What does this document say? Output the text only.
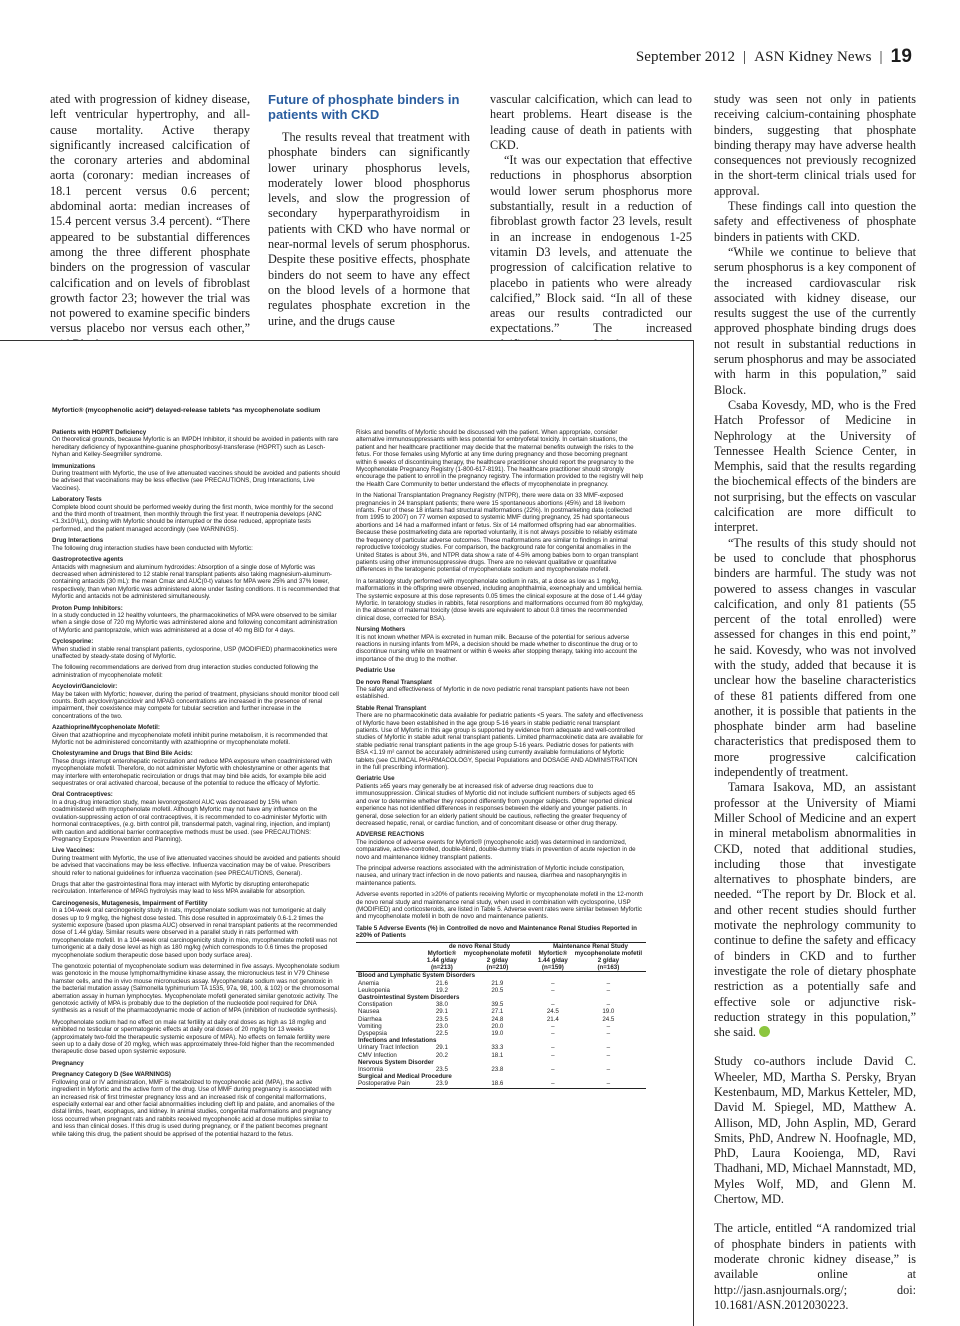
September 2012 | ASN Kidney News | 19

ated with progression of kidney disease, left ventricular hypertrophy, and all-cause mortality. Active therapy significantly increased calcification of the coronary arteries and abdominal aorta (coronary: median increases of 18.1 percent versus 0.6 percent; abdominal aorta: median increases of 15.4 percent versus 3.4 percent). “There appeared to be substantial differences among the three different phosphate binders on the progression of vascular calcification and on levels of fibroblast growth factor 23; however the trial was not powered to examine specific binders versus placebo nor versus each other,”

Future of phosphate binders in patients with CKD

The results reveal that treatment with phosphate binders can significantly lower urinary phosphorus levels, moderately lower blood phosphorus levels, and slow the progression of secondary hyperparathyroidism in patients with CKD who have normal or near-normal levels of serum phosphorus. Despite these positive effects, phosphate binders do not seem to have any effect on the blood levels of a hormone that regulates phosphate excretion in the urine, and the drugs cause

vascular calcification, which can lead to heart problems. Heart disease is the leading cause of death in patients with CKD.

“It was our expectation that effective reductions in phosphorus absorption would lower serum phosphorus more substantially, result in a reduction of fibroblast growth factor 23 levels, result in an increase in endogenous 1-25 vitamin D3 levels, and attenuate the progression of calcification relative to placebo in patients who were already calcified,” Block said. “In all of these areas our results contradicted our expectations.” The increased

study was seen not only in patients receiving calcium-containing phosphate binders, suggesting that phosphate binding therapy may have adverse health consequences not previously recognized in the short-term clinical trials used for approval.

These findings call into question the safety and effectiveness of phosphate binders in patients with CKD.

“While we continue to believe that serum phosphorus is a key component of the increased cardiovascular risk associated with kidney disease, our results suggest the use of the currently approved phosphate binding drugs does not result in substantial reductions in serum phosphorus and may be associated with harm in this population,” said Block.

Csaba Kovesdy, MD, who is the Fred Hatch Professor of Medicine in Nephrology at the University of Tennessee Health Science Center, in Memphis, said that the results regarding the biochemical effects of the binders are not surprising, but the effects on vascular calcification are more difficult to interpret.

“The results of this study should not be used to conclude that phosphorus binders are harmful. The study was not powered to assess changes in vascular calcification, and only 81 patients (55 percent of the total enrolled) were assessed for changes in this end point,” he said. Kovesdy, who was not involved with the study, added that because it is unclear how the baseline characteristics of these 81 patients differed from one another, it is possible that patients in the phosphate binder arm had baseline characteristics that predisposed them to more progressive calcification independently of treatment.

Tamara Isakova, MD, an assistant professor at the University of Miami Miller School of Medicine and an expert in mineral metabolism abnormalities in CKD, noted that additional studies, including those that investigate alternatives to phosphate binders, are needed. “The report by Dr. Block et al. and other recent studies should further motivate the nephrology community to continue to define the safety and efficacy of binders in CKD and to further investigate the role of dietary phosphate restriction as a potentially safe and effective sole or adjunctive risk-reduction strategy in this population,” she said.

Study co-authors include David C. Wheeler, MD, Martha S. Persky, Bryan Kestenbaum, MD, Markus Ketteler, MD, David M. Spiegel, MD, Matthew A. Allison, MD, John Asplin, MD, Gerard Smits, PhD, Andrew N. Hoofnagle, MD, PhD, Laura Kooienga, MD, Ravi Thadhani, MD, Michael Mannstadt, MD, Myles Wolf, MD, and Glenn M. Chertow, MD.

The article, entitled “A randomized trial of phosphate binders in patients with moderate chronic kidney disease,” is available online at http://jasn.asnjournals.org/; doi: 10.1681/ASN.2012030223.

Myfortic® (mycophenolic acid*) delayed-release tablets *as mycophenolate sodium

Patients with HGPRT Deficiency
On theoretical grounds, because Myfortic is an IMPDH Inhibitor, it should be avoided in patients with rare hereditary deficiency of hypoxanthine-guanine phosphoribosyl-transferase (HGPRT) such as Lesch-Nyhan and Kelley-Seegmiller syndrome.

Immunizations
During treatment with Myfortic, the use of live attenuated vaccines should be avoided and patients should be advised that vaccinations may be less effective (see PRECAUTIONS, Drug Interactions, Live Vaccines).

Laboratory Tests
Complete blood count should be performed weekly during the first month, twice monthly for the second and the third month of treatment, then monthly through the first year. If neutropenia develops (ANC <1.3x10³/µL), dosing with Myfortic should be interrupted or the dose reduced, appropriate tests performed, and the patient managed accordingly (see WARNINGS).

Drug Interactions
The following drug interaction studies have been conducted with Myfortic:

Gastroprotective agents
Antacids with magnesium and aluminum hydroxides: Absorption of a single dose of Myfortic was decreased when administered to 12 stable renal transplant patients also taking magnesium-aluminum-containing antacids (30 mL): the mean Cmax and AUC(0-t) values for MPA were 25% and 37% lower, respectively, than when Myfortic was administered alone under fasting conditions. It is recommended that Myfortic and antacids not be administered simultaneously.

Proton Pump Inhibitors:
In a study conducted in 12 healthy volunteers, the pharmacokinetics of MPA were observed to be similar when a single dose of 720 mg Myfortic was administered alone and following concomitant administration of Myfortic and pantoprazole, which was administered at a dose of 40 mg BID for 4 days.

Cyclosporine:
When studied in stable renal transplant patients, cyclosporine, USP (MODIFIED) pharmacokinetics were unaffected by steady-state dosing of Myfortic.

The following recommendations are derived from drug interaction studies conducted following the administration of mycophenolate mofetil:

Acyclovir/Ganciclovir:
May be taken with Myfortic; however, during the period of treatment, physicians should monitor blood cell counts. Both acyclovir/ganciclovir and MPAG concentrations are increased in the presence of renal impairment, their coexistence may compete for tubular secretion and further increase in the concentrations of the two.

Azathioprine/Mycophenolate Mofetil:
Given that azathioprine and mycophenolate mofetil inhibit purine metabolism, it is recommended that Myfortic not be administered concomitantly with azathioprine or mycophenolate mofetil.

Cholestyramine and Drugs that Bind Bile Acids:
These drugs interrupt enterohepatic recirculation and reduce MPA exposure when coadministered with mycophenolate mofetil. Therefore, do not administer Myfortic with cholestyramine or other agents that may interfere with enterohepatic recirculation or drugs that may bind bile acids, for example bile acid sequestrates or oral activated charcoal, because of the potential to reduce the efficacy of Myfortic.

Oral Contraceptives:
In a drug-drug interaction study, mean levonorgesterol AUC was decreased by 15% when coadministered with mycophenolate mofetil. Although Myfortic may not have any influence on the ovulation-suppressing action of oral contraceptives, it is recommended to co-administer Myfortic with hormonal contraceptives, (e.g. birth control pill, transdermal patch, vaginal ring, injection, and implant) with caution and additional barrier contraceptive methods must be used. (see PRECAUTIONS: Pregnancy Exposure Prevention and Planning).

Live Vaccines:
During treatment with Myfortic, the use of live attenuated vaccines should be avoided and patients should be advised that vaccinations may be less effective. Influenza vaccination may be of value. Prescribers should refer to national guidelines for influenza vaccination (see PRECAUTIONS, General).

Drugs that alter the gastrointestinal flora may interact with Myfortic by disrupting enterohepatic recirculation. Interference of MPAG hydrolysis may lead to less MPA available for absorption.

Carcinogenesis, Mutagenesis, Impairment of Fertility
In a 104-week oral carcinogenicity study in rats, mycophenolate sodium was not tumorigenic at daily doses up to 9 mg/kg, the highest dose tested. This dose resulted in approximately 0.6-1.2 times the systemic exposure (based upon plasma AUC) observed in renal transplant patients at the recommended dose of 1.44 g/day. Similar results were observed in a parallel study in rats performed with mycophenolate mofetil. In a 104-week oral carcinogenicity study in mice, mycophenolate mofetil was not tumorigenic at a daily dose level as high as 180 mg/kg (which corresponds to 0.6 times the proposed mycophenolate sodium therapeutic dose based upon body surface area).

The genotoxic potential of mycophenolate sodium was determined in five assays. Mycophenolate sodium was genotoxic in the mouse lymphoma/thymidine kinase assay, the micronucleus test in V79 Chinese hamster cells, and the in vivo mouse micronucleus assay. Mycophenolate sodium was not genotoxic in the bacterial mutation assay (Salmonella typhimurium TA 1535, 97a, 98, 100, & 102) or the chromosomal aberration assay in human lymphocytes. Mycophenolate mofetil generated similar genotoxic activity. The genotoxic activity of MPA is probably due to the depletion of the nucleotide pool required for DNA synthesis as a result of the pharmacodynamic mode of action of MPA (inhibition of nucleotide synthesis).

Mycophenolate sodium had no effect on male rat fertility at daily oral doses as high as 18 mg/kg and exhibited no testicular or spermatogenic effects at daily oral doses of 20 mg/kg for 13 weeks (approximately two-fold the therapeutic systemic exposure of MPA). No effects on female fertility were seen up to a daily dose of 20 mg/kg, which was approximately three-fold higher than the recommended therapeutic dose based upon systemic exposure.

Pregnancy

Pregnancy Category D (See WARNINGS)
Following oral or IV administration, MMF is metabolized to mycophenolic acid (MPA), the active ingredient in Myfortic and the active form of the drug. Use of MMF during pregnancy is associated with an increased risk of first trimester pregnancy loss and an increased risk of congenital malformations, especially external ear and other facial abnormalities including cleft lip and palate, and anomalies of the distal limbs, heart, esophagus, and kidney. In animal studies, congenital malformations and pregnancy loss occurred when pregnant rats and rabbits received mycophenolic acid at dose multiples similar to and less than clinical doses. If this drug is used during pregnancy, or if the patient becomes pregnant while taking this drug, the patient should be apprised of the potential hazard to the fetus.

Risks and benefits of Myfortic should be discussed with the patient. When appropriate, consider alternative immunosuppressants with less potential for embryofetal toxicity. In certain situations, the patient and her healthcare practitioner may decide that the maternal benefits outweigh the risks to the fetus. For those females using Myfortic at any time during pregnancy and those becoming pregnant within 6 weeks of discontinuing therapy, the healthcare practitioner should report the pregnancy to the Mycophenolate Pregnancy Registry (1-800-617-8191). The healthcare practitioner should strongly encourage the patient to enroll in the pregnancy registry. The information provided to the registry will help the Health Care Community to better understand the effects of mycophenolate in pregnancy.

In the National Transplantation Pregnancy Registry (NTPR), there were data on 33 MMF-exposed pregnancies in 24 transplant patients; there were 15 spontaneous abortions (45%) and 18 liveborn infants. Four of these 18 infants had structural malformations (22%). In postmarketing data (collected from 1995 to 2007) on 77 women exposed to systemic MMF during pregnancy, 25 had spontaneous abortions and 14 had a malformed infant or fetus. Six of 14 malformed offspring had ear abnormalities. Because these postmarketing data are reported voluntarily, it is not always possible to reliably estimate the frequency of particular adverse outcomes. These malformations are similar to findings in animal reproductive toxicology studies. For comparison, the background rate for congenital anomalies in the United States is about 3%, and NTPR data show a rate of 4-5% among babies born to organ transplant patients using other immunosuppressive drugs. There are no relevant qualitative or quantitative differences in the teratogenic potential of mycophenolate sodium and mycophenolate mofetil.

In a teratology study performed with mycophenolate sodium in rats, at a dose as low as 1 mg/kg, malformations in the offspring were observed, including anophthalmia, exencephaly and umbilical hernia. The systemic exposure at this dose represents 0.05 times the clinical exposure at the dose of 1.44 g/day Myfortic. In teratology studies in rabbits, fetal resorptions and malformations occurred from 80 mg/kg/day, in the absence of maternal toxicity (dose levels are equivalent to about 0.8 times the recommended clinical dose, corrected for BSA).

Nursing Mothers
It is not known whether MPA is excreted in human milk. Because of the potential for serious adverse reactions in nursing infants from MPA, a decision should be made whether to discontinue the drug or to discontinue nursing while on treatment or within 6 weeks after stopping therapy, taking into account the importance of the drug to the mother.

Pediatric Use

De novo Renal Transplant
The safety and effectiveness of Myfortic in de novo pediatric renal transplant patients have not been established.

Stable Renal Transplant
There are no pharmacokinetic data available for pediatric patients <5 years. The safety and effectiveness of Myfortic have been established in the age group 5-16 years in stable pediatric renal transplant patients. Use of Myfortic in this age group is supported by evidence from adequate and well-controlled studies of Myfortic in stable adult renal transplant patients. Limited pharmacokinetic data are available for stable pediatric renal transplant patients in the age group 5-16 years. Pediatric doses for patients with BSA <1.19 m² cannot be accurately administered using currently available formulations of Myfortic tablets (see CLINICAL PHARMACOLOGY, Special Populations and DOSAGE AND ADMINISTRATION in the full prescribing information).

Geriatric Use
Patients ≥65 years may generally be at increased risk of adverse drug reactions due to immunosuppression. Clinical studies of Myfortic did not include sufficient numbers of subjects aged 65 and over to determine whether they respond differently from younger subjects. Other reported clinical experience has not identified differences in responses between the elderly and younger patients. In general, dose selection for an elderly patient should be cautious, reflecting the greater frequency of decreased hepatic, renal, or cardiac function, and of concomitant disease or other drug therapy.

ADVERSE REACTIONS
The incidence of adverse events for Myfortic® (mycophenolic acid) was determined in randomized, comparative, active-controlled, double-blind, double-dummy trials in prevention of acute rejection in de novo and maintenance kidney transplant patients.

The principal adverse reactions associated with the administration of Myfortic include constipation, nausea, and urinary tract infection in de novo patients and nausea, diarrhea and nasopharyngitis in maintenance patients.

Adverse events reported in ≥20% of patients receiving Myfortic or mycophenolate mofetil in the 12-month de novo renal study and maintenance renal study, when used in combination with cyclosporine, USP (MODIFIED) and corticosteroids, are listed in Table 5. Adverse event rates were similar between Myfortic and mycophenolate mofetil in both de novo and maintenance patients.

Table 5 Adverse Events (%) in Controlled de novo and Maintenance Renal Studies Reported in ≥20% of Patients
	de novo Renal Study		Maintenance Renal Study	
	Myfortic®	mycophenolate mofetil	Myfortic®	mycophenolate mofetil
	1.44 g/day	2 g/day	1.44 g/day	2 g/day
	(n=213)	(n=210)	(n=159)	(n=163)
Blood and Lymphatic System Disorders				
Anemia	21.6	21.9	–	–
Leukopenia	19.2	20.5	–	–
Gastrointestinal System Disorders				
Constipation	38.0	39.5	–	–
Nausea	29.1	27.1	24.5	19.0
Diarrhea	23.5	24.8	21.4	24.5
Vomiting	23.0	20.0	–	–
Dyspepsia	22.5	19.0	–	–
Infections and Infestations				
Urinary Tract Infection	29.1	33.3	–	–
CMV Infection	20.2	18.1	–	–
Nervous System Disorder				
Insomnia	23.5	23.8	–	–
Surgical and Medical Procedure				
Postoperative Pain	23.9	18.6	–	–
